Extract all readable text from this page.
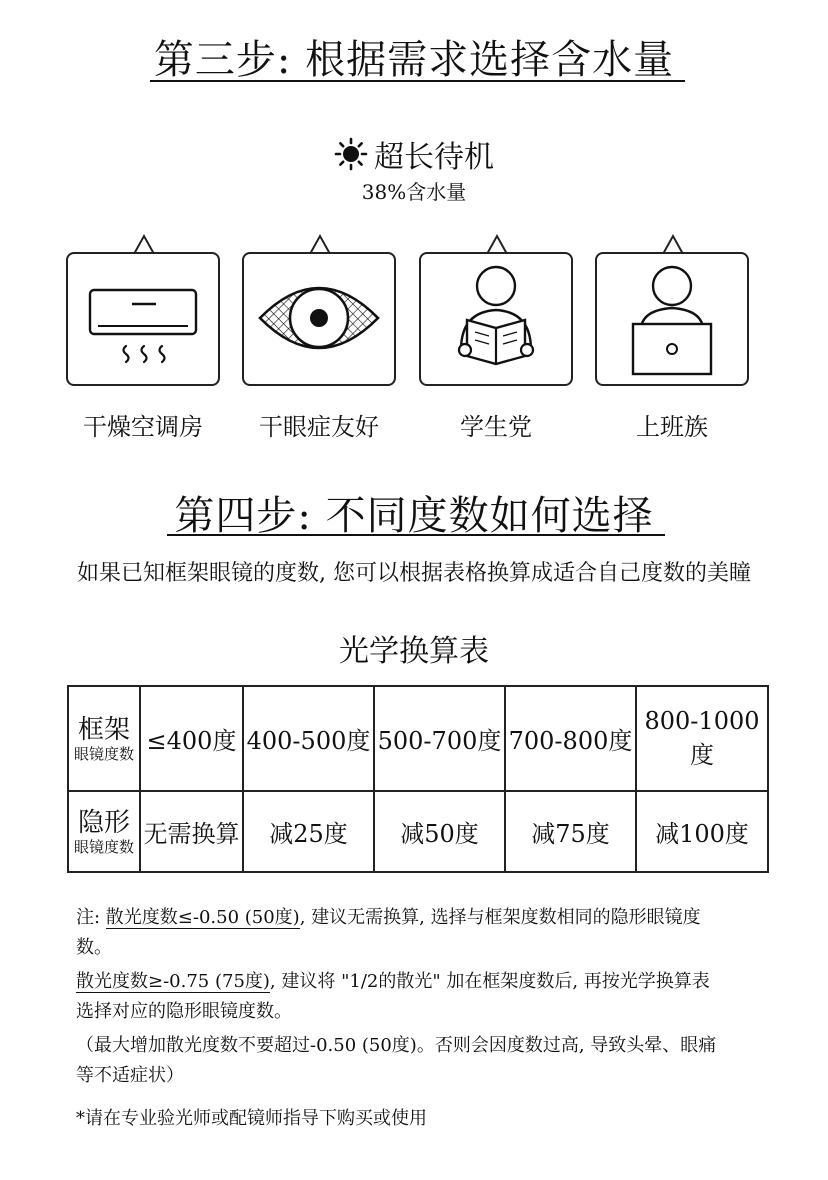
第三步: 根据需求选择含水量
超长待机
38%含水量
干燥空调房	干眼症友好	学生党	上班族
第四步: 不同度数如何选择
如果已知框架眼镜的度数, 您可以根据表格换算成适合自己度数的美瞳
光学换算表
框架
眼镜度数	≤400度	400-500度	500-700度	700-800度	800-1000度

隐形
眼镜度数	无需换算	减25度	减50度	减75度	减100度
注: 散光度数≤-0.50 (50度), 建议无需换算, 选择与框架度数相同的隐形眼镜度
数。
散光度数≥-0.75 (75度), 建议将 "1/2的散光" 加在框架度数后, 再按光学换算表
选择对应的隐形眼镜度数。
（最大增加散光度数不要超过-0.50 (50度)。否则会因度数过高, 导致头晕、眼痛
等不适症状）
*请在专业验光师或配镜师指导下购买或使用
